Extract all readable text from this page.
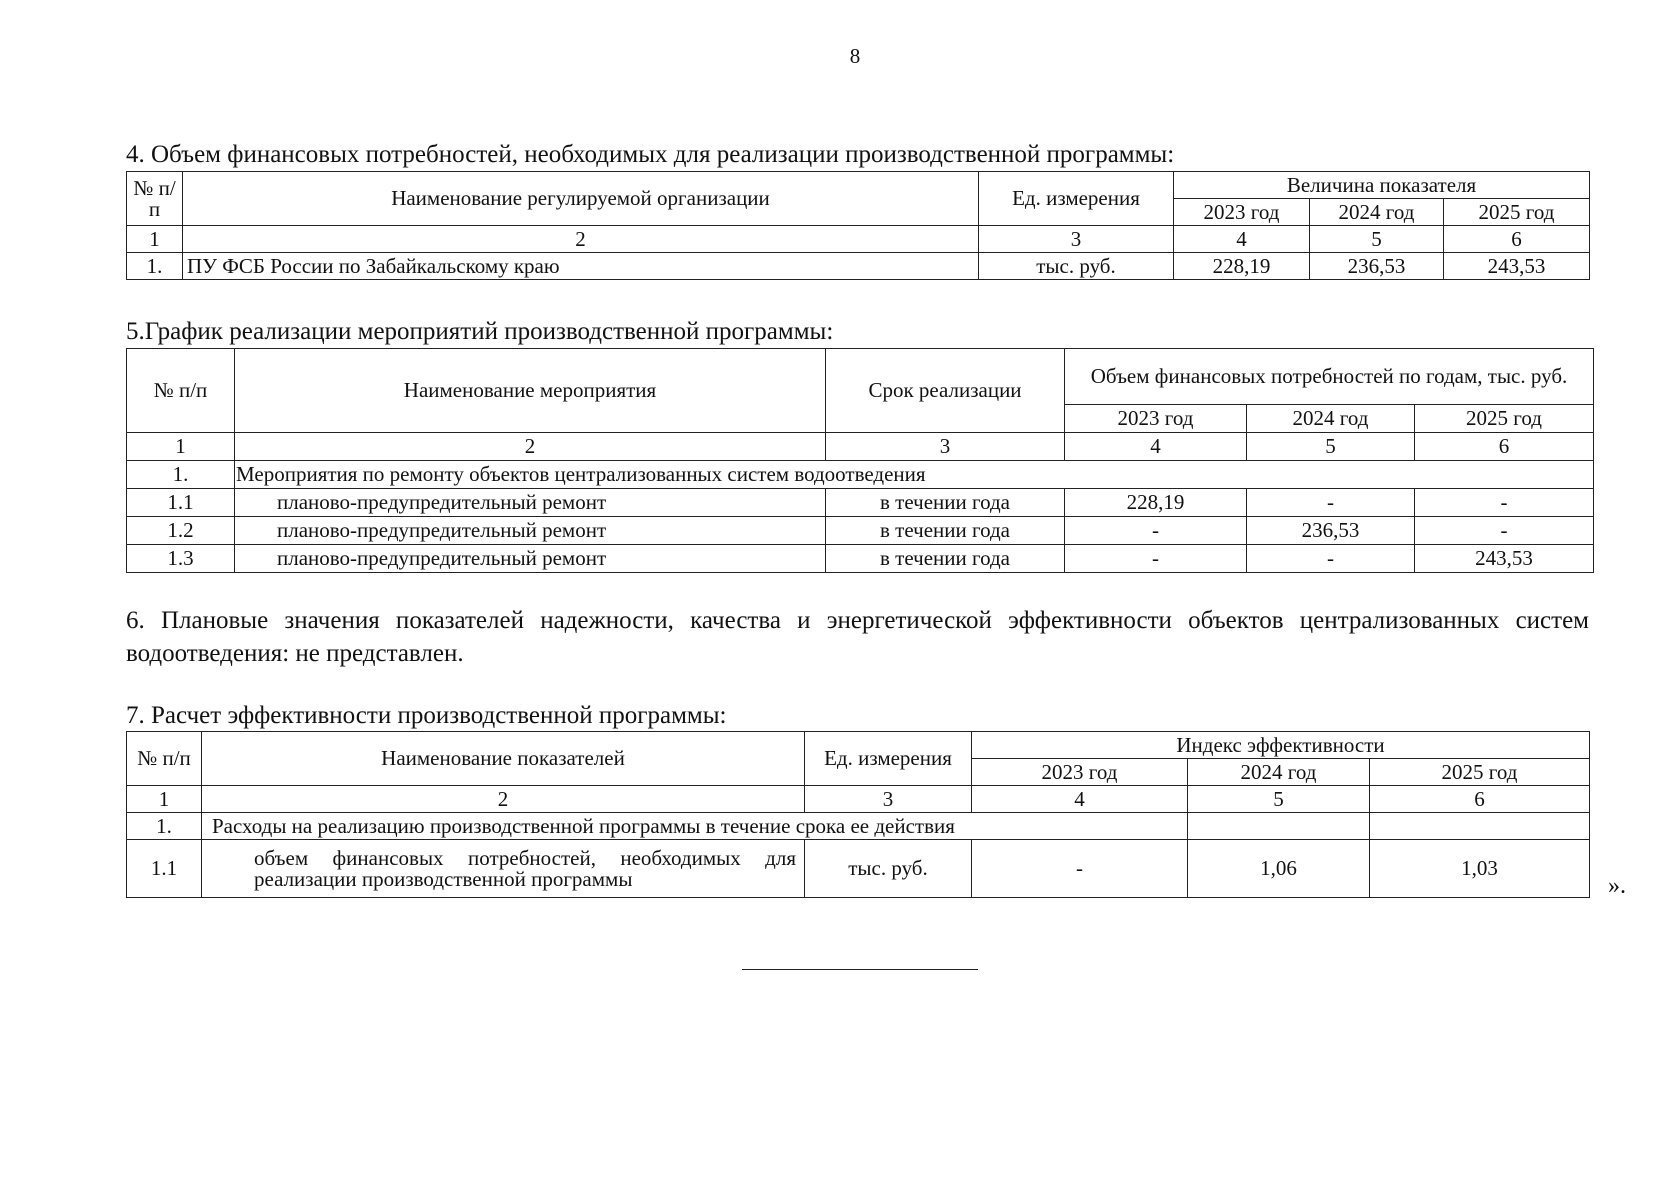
8
4. Объем финансовых потребностей, необходимых для реализации производственной программы:
№ п/п	Наименование регулируемой организации	Ед. измерения	Величина показателя		
			2023 год	2024 год	2025 год
1	2	3	4	5	6
1.	ПУ ФСБ России по Забайкальскому краю	тыс. руб.	228,19	236,53	243,53
5.График реализации мероприятий производственной программы:
№ п/п	Наименование мероприятия	Срок реализации	Объем финансовых потребностей по годам, тыс. руб.		
			2023 год	2024 год	2025 год
1	2	3	4	5	6
1.	Мероприятия по ремонту объектов централизованных систем водоотведения				
1.1	планово-предупредительный ремонт	в течении года	228,19	-	-
1.2	планово-предупредительный ремонт	в течении года	-	236,53	-
1.3	планово-предупредительный ремонт	в течении года	-	-	243,53
6. Плановые значения показателей надежности, качества и энергетической эффективности объектов централизованных систем водоотведения: не представлен.
7. Расчет эффективности производственной программы:
№ п/п	Наименование показателей	Ед. измерения	Индекс эффективности		
			2023 год	2024 год	2025 год
1	2	3	4	5	6
1.	Расходы на реализацию производственной программы в течение срока ее действия				
1.1	объем финансовых потребностей, необходимых для реализации производственной программы	тыс. руб.	-	1,06	1,03
».
